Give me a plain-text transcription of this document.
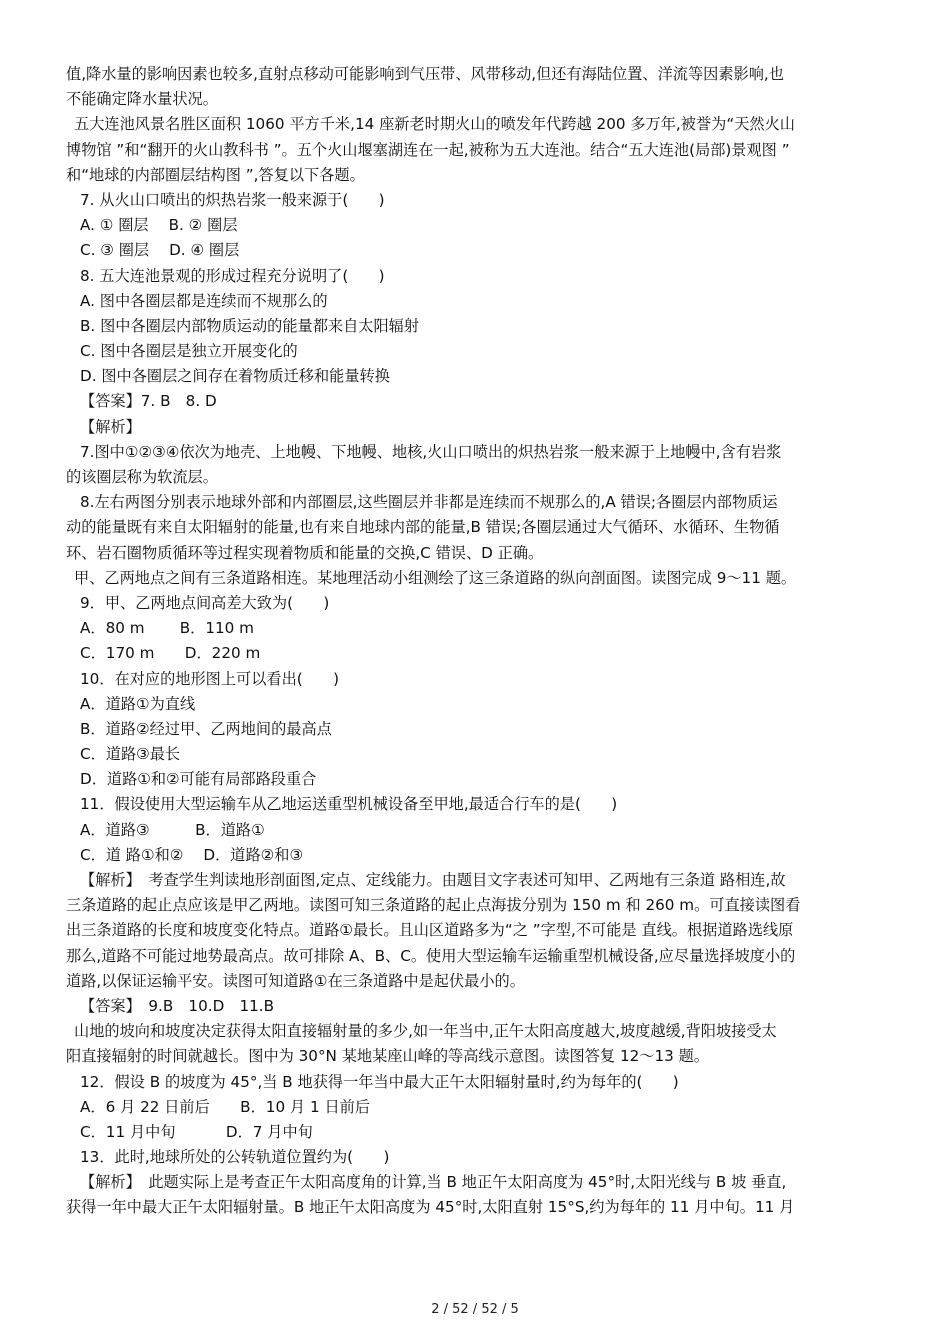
值,降水量的影响因素也较多,直射点移动可能影响到气压带、风带移动,但还有海陆位置、洋流等因素影响,也
不能确定降水量状况。
五大连池风景名胜区面积 1060 平方千米,14 座新老时期火山的喷发年代跨越 200 多万年,被誉为“天然火山
博物馆 ”和“翻开的火山教科书 ”。五个火山堰塞湖连在一起,被称为五大连池。结合“五大连池(局部)景观图 ”
和“地球的内部圈层结构图 ”,答复以下各题。
7. 从火山口喷出的炽热岩浆一般来源于(　　)
A. ① 圈层　 B. ② 圈层
C. ③ 圈层　 D. ④ 圈层
8. 五大连池景观的形成过程充分说明了(　　)
A. 图中各圈层都是连续而不规那么的
B. 图中各圈层内部物质运动的能量都来自太阳辐射
C. 图中各圈层是独立开展变化的
D. 图中各圈层之间存在着物质迁移和能量转换
【答案】7. B　8. D
【解析】
7.图中①②③④依次为地壳、上地幔、下地幔、地核,火山口喷出的炽热岩浆一般来源于上地幔中,含有岩浆
的该圈层称为软流层。
8.左右两图分别表示地球外部和内部圈层,这些圈层并非都是连续而不规那么的,A 错误;各圈层内部物质运
动的能量既有来自太阳辐射的能量,也有来自地球内部的能量,B 错误;各圈层通过大气循环、水循环、生物循
环、岩石圈物质循环等过程实现着物质和能量的交换,C 错误、D 正确。
甲、乙两地点之间有三条道路相连。某地理活动小组测绘了这三条道路的纵向剖面图。读图完成 9～11 题。
9．甲、乙两地点间高差大致为(　　)
A．80 m　　 B．110 m
C．170 m　　D．220 m
10．在对应的地形图上可以看出(　　)
A．道路①为直线
B．道路②经过甲、乙两地间的最高点
C．道路③最长
D．道路①和②可能有局部路段重合
11．假设使用大型运输车从乙地运送重型机械设备至甲地,最适合行车的是(　　)
A．道路③　　　B．道路①
C．道 路①和②　 D．道路②和③
【解析】　考查学生判读地形剖面图,定点、定线能力。由题目文字表述可知甲、乙两地有三条道 路相连,故
三条道路的起止点应该是甲乙两地。读图可知三条道路的起止点海拔分别为 150 m 和 260 m。可直接读图看
出三条道路的长度和坡度变化特点。道路①最长。且山区道路多为“之 ”字型,不可能是 直线。根据道路选线原
那么,道路不可能过地势最高点。故可排除 A、B、C。使用大型运输车运输重型机械设备,应尽量选择坡度小的
道路,以保证运输平安。读图可知道路①在三条道路中是起伏最小的。
【答案】　9.B　10.D　11.B
山地的坡向和坡度决定获得太阳直接辐射量的多少,如一年当中,正午太阳高度越大,坡度越缓,背阳坡接受太
阳直接辐射的时间就越长。图中为 30°N 某地某座山峰的等高线示意图。读图答复 12～13 题。
12．假设 B 的坡度为 45°,当 B 地获得一年当中最大正午太阳辐射量时,约为每年的(　　)
A．6 月 22 日前后　　B．10 月 1 日前后
C．11 月中旬　　　 D．7 月中旬
13．此时,地球所处的公转轨道位置约为(　　)
【解析】　此题实际上是考查正午太阳高度角的计算,当 B 地正午太阳高度为 45°时,太阳光线与 B 坡 垂直,
获得一年中最大正午太阳辐射量。B 地正午太阳高度为 45°时,太阳直射 15°S,约为每年的 11 月中旬。11 月
2 / 52 / 52 / 5
